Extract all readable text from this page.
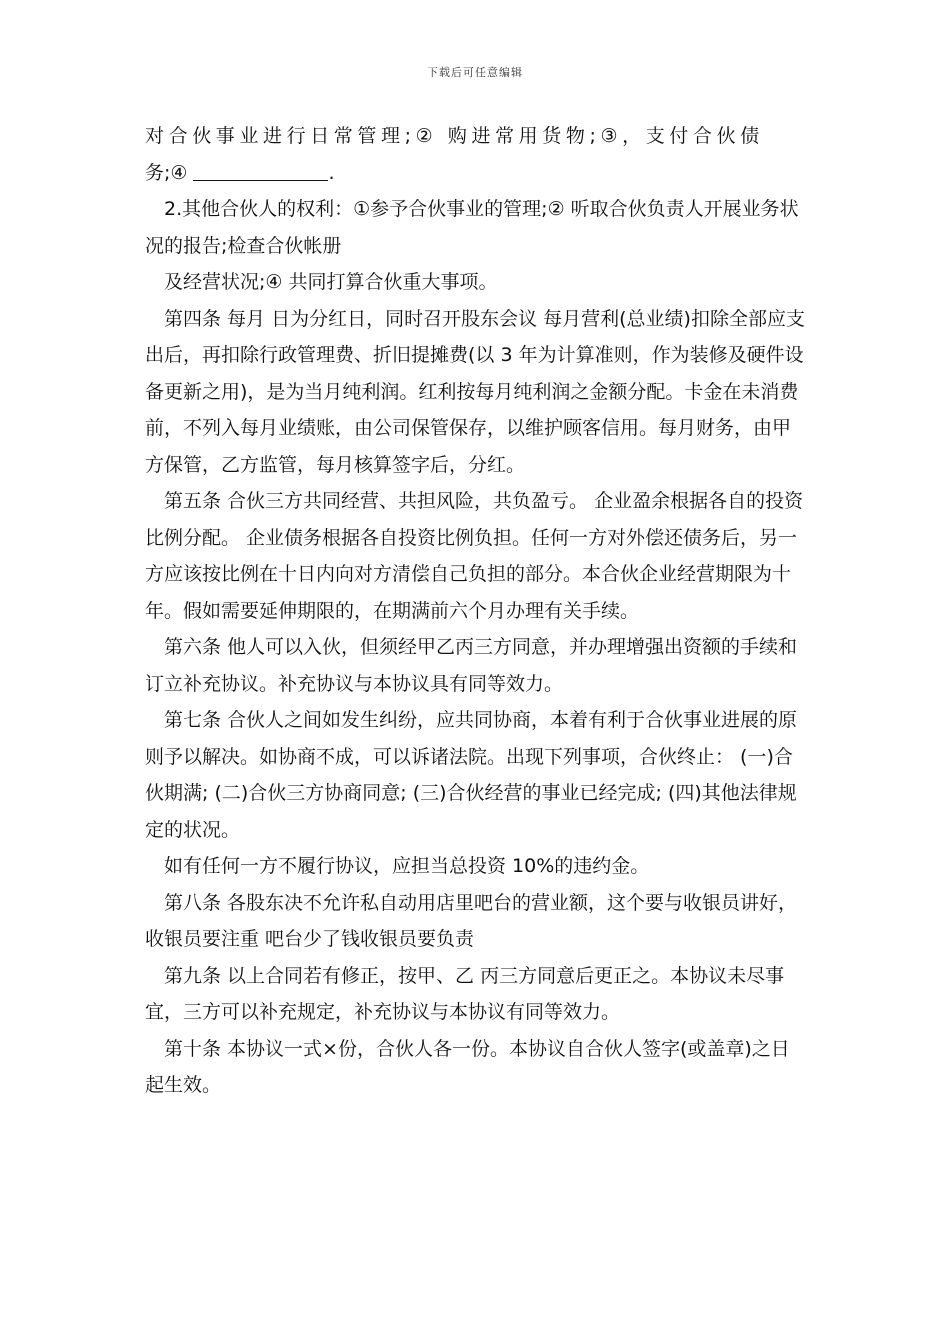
下载后可任意编辑

对合伙事业进行日常管理;② 购进常用货物;③，支付合伙债

务;④	.

2.其他合伙人的权利：①参予合伙事业的管理;② 听取合伙负责人开展业务状况的报告;检查合伙帐册

及经营状况;④ 共同打算合伙重大事项。

第四条 每月 日为分红日，同时召开股东会议 每月营利(总业绩)扣除全部应支出后，再扣除行政管理费、折旧提摊费(以 3 年为计算准则，作为装修及硬件设备更新之用)，是为当月纯利润。红利按每月纯利润之金额分配。卡金在未消费前，不列入每月业绩账，由公司保管保存，以维护顾客信用。每月财务，由甲方保管，乙方监管，每月核算签字后，分红。

第五条 合伙三方共同经营、共担风险，共负盈亏。 企业盈余根据各自的投资比例分配。 企业债务根据各自投资比例负担。任何一方对外偿还债务后，另一方应该按比例在十日内向对方清偿自己负担的部分。本合伙企业经营期限为十年。假如需要延伸期限的，在期满前六个月办理有关手续。

第六条 他人可以入伙，但须经甲乙丙三方同意，并办理增强出资额的手续和订立补充协议。补充协议与本协议具有同等效力。

第七条 合伙人之间如发生纠纷，应共同协商，本着有利于合伙事业进展的原则予以解决。如协商不成，可以诉诸法院。出现下列事项，合伙终止： (一)合伙期满; (二)合伙三方协商同意; (三)合伙经营的事业已经完成; (四)其他法律规定的状况。

如有任何一方不履行协议，应担当总投资 10%的违约金。

第八条 各股东决不允许私自动用店里吧台的营业额，这个要与收银员讲好，收银员要注重 吧台少了钱收银员要负责

第九条 以上合同若有修正，按甲、乙 丙三方同意后更正之。本协议未尽事宜，三方可以补充规定，补充协议与本协议有同等效力。

第十条 本协议一式×份，合伙人各一份。本协议自合伙人签字(或盖章)之日起生效。
